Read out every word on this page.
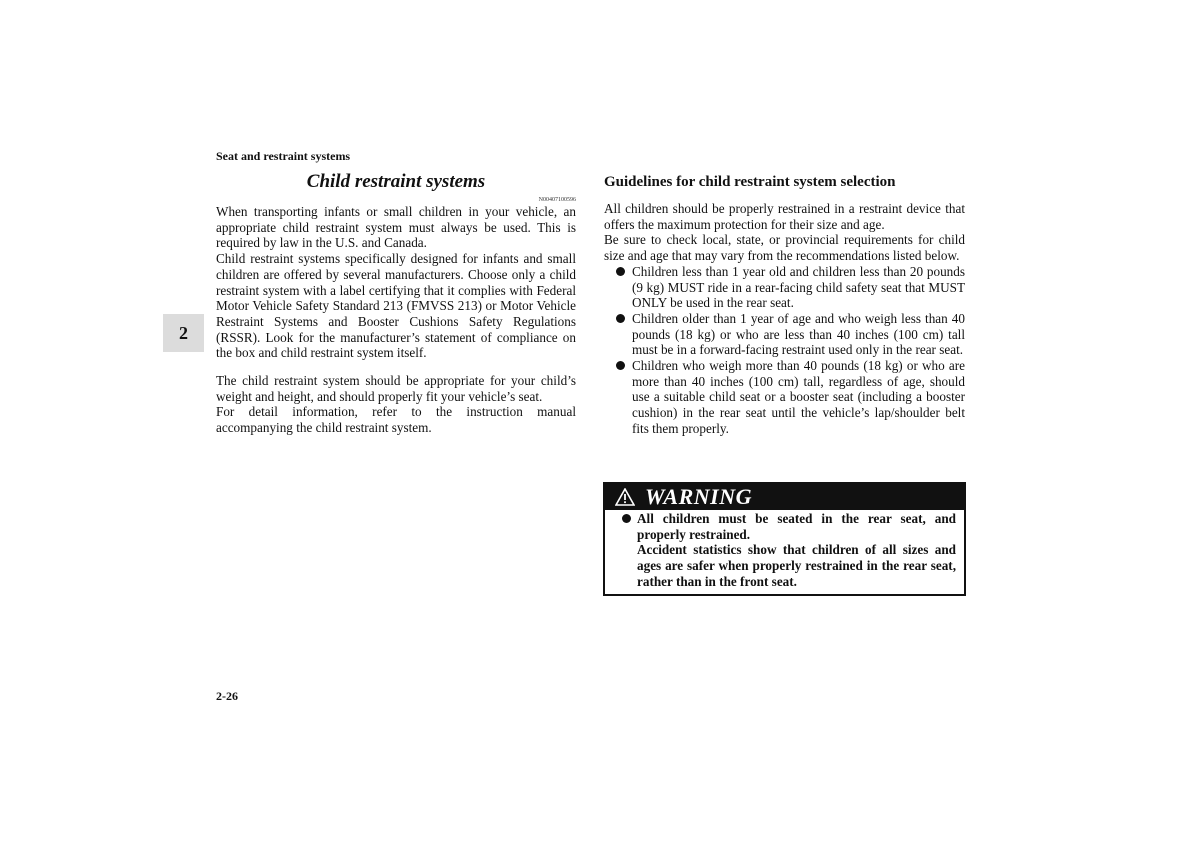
Seat and restraint systems
2
Child restraint systems
N00407100596

When transporting infants or small children in your vehicle, an appropriate child restraint system must always be used. This is required by law in the U.S. and Canada.

Child restraint systems specifically designed for infants and small children are offered by several manufacturers. Choose only a child restraint system with a label certifying that it complies with Federal Motor Vehicle Safety Standard 213 (FMVSS 213) or Motor Vehicle Restraint Systems and Booster Cushions Safety Regulations (RSSR). Look for the manufacturer’s statement of compliance on the box and child restraint system itself.

The child restraint system should be appropriate for your child’s weight and height, and should properly fit your vehicle’s seat.

For detail information, refer to the instruction manual accompanying the child restraint system.

Guidelines for child restraint system selection

All children should be properly restrained in a restraint device that offers the maximum protection for their size and age.

Be sure to check local, state, or provincial requirements for child size and age that may vary from the recommendations listed below.

Children less than 1 year old and children less than 20 pounds (9 kg) MUST ride in a rear-facing child safety seat that MUST ONLY be used in the rear seat.
Children older than 1 year of age and who weigh less than 40 pounds (18 kg) or who are less than 40 inches (100 cm) tall must be in a forward-facing restraint used only in the rear seat.
Children who weigh more than 40 pounds (18 kg) or who are more than 40 inches (100 cm) tall, regardless of age, should use a suitable child seat or a booster seat (including a booster cushion) in the rear seat until the vehicle’s lap/shoulder belt fits them properly.
WARNING
All children must be seated in the rear seat, and properly restrained.
Accident statistics show that children of all sizes and ages are safer when properly restrained in the rear seat, rather than in the front seat.
2-26
